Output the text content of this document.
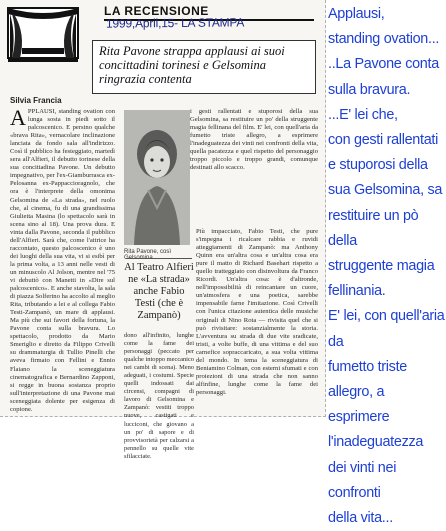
LA RECENSIONE
1999,April,15- LA STAMPA
Rita Pavone strappa applausi ai suoi concittadini torinesi e Gelsomina ringrazia contenta
Silvia Francia
A PPLAUSI, standing ovation con lunga sosta in piedi sotto il palcoscenico. E persino qualche «brava Rita», vernacolare inclinazione lanciata da fondo sala all'indirizzo. Così il pubblico ha festeggiato, martedì sera all'Alfieri, il debutto torinese della sua concittadina Pavone. Un debutto impegnativo, per l'ex-Giamburrasca ex-Pelosanna ex-Pappaccioragnolo, che ora è l'interprete della omonima Gelsomina de «La strada», nel ruolo che, al cinema, fu di una grandissima Giulietta Masina (lo spettacolo sarà in scena sino al 18). Una prova dura. E vinta dalla Pavone, seconda il pubblico dell'Alfieri. Sarà che, come l'attrice ha raccontato, questo palcoscenico è uno dei luoghi della sua vita, vi si esibì per la prima volta, a 13 anni nelle vesti di un minuscolo Al Jolson, mentre nel '75 vi debuttò con Manetti in «Dire sul palcoscenico». E anche stavolta, la sala di piazza Solferino ha accolto al meglio Rita, tributando a lei e al collega Fabio Testi-Zampanò, un mare di applausi. Ma più che sui favori della fortuna, la Pavone conta sulla bravura. Lo spettacolo, prodotto da Mario Smeriglio e diretto da Filippo Crivelli su drammaturgia di Tullio Pinelli che aveva firmato con Fellini e Ennio Flaiano la sceneggiatura cinematografica e Bernardino Zapponi, si regge in buona sostanza proprio sull'interpretazione di una Pavone mai sceneggiata dolente per esigenza di copione.
Rita Pavone, così Gelsomina
Al Teatro Alfieri ne «La strada» anche Fabio Testi (che è Zampanò)
i gesti rallentati e stuporosi della sua Gelsomina, sa restituire un po' della struggente magia fellinana del film. E' lei, con quell'aria da fumetto triste allegro, a esprimere l'inadeguatezza dei vinti nei confronti della vita, quella pacatezza e quel rispetto del personaggio troppo piccolo e troppo grandi, comunque destinati allo scacco.
Più impacciato, Fabio Testi, che pure s'impegna i ricalcare rabbia e ruvidi atteggiamenti di Zampanò: ma Anthony Quinn era un'altra cosa e un'altra cosa era pure il matto di Richard Basehart rispetto a quello tratteggiato con disinvoltura da Franco Ricordi. Un'altra cosa: è d'altronde, nell'impossibilità di reincantare un cuore, un'atmosfera e una poetica, sarebbe impensabile farne l'imitazione. Così Crivelli con l'unica citazione autentica delle musiche originali di Nino Rota — rivisita quel che si può rivisitare: sostanzialmente la storia. L'avventura su strada di due vite sradicate, tristi, a volte buffe, di una vittima e del suo carnefice sopraccaricato, a sua volta vittima del mondo. In tema la sceneggiatura di Beniamino Colman, con esterni sfumati e con proiezioni di una strada che non sanno alfinfine, lunghe come la fame dei personaggi.
dono all'infinito, lunghe come la fame dei personaggi (peccato per qualche intoppo meccanico nei cambi di scena). Meno adeguati, i costumi. Specie quelli indossati dai circensi, compagni di lavoro di Gelsomina e Zampanò: vestiti troppo nuove, castigati e lucciconi, che giovano a un po' di sapore e di provvisorietà per calzarsi a pennello su quelle vite sfilacciate.

Applausi,
standing ovation...
..La Pavone conta
sulla bravura.
...E' lei che,
con gesti rallentati
e stuporosi della
sua Gelsomina, sa
restituire un pò della
struggente magia
fellinania.
E' lei, con quell'aria da
fumetto triste allegro, a
esprimere l'inadeguatezza
dei vinti nei confronti
della vita...
